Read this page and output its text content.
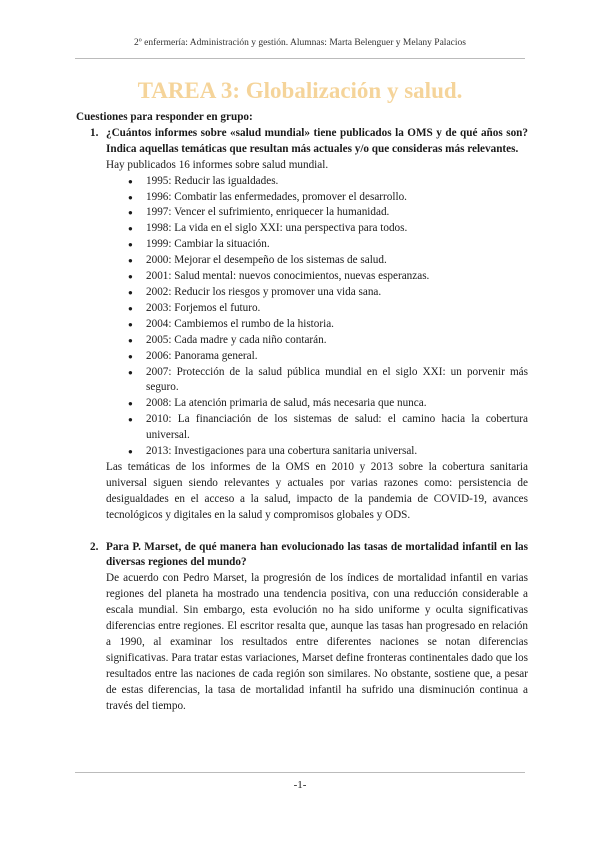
2º enfermería: Administración y gestión. Alumnas: Marta Belenguer y Melany Palacios
TAREA 3: Globalización y salud.

Cuestiones para responder en grupo:

1. ¿Cuántos informes sobre «salud mundial» tiene publicados la OMS y de qué años son? Indica aquellas temáticas que resultan más actuales y/o que consideras más relevantes.
Hay publicados 16 informes sobre salud mundial.
●	1995: Reducir las igualdades.
●	1996: Combatir las enfermedades, promover el desarrollo.
●	1997: Vencer el sufrimiento, enriquecer la humanidad.
●	1998: La vida en el siglo XXI: una perspectiva para todos.
●	1999: Cambiar la situación.
●	2000: Mejorar el desempeño de los sistemas de salud.
●	2001: Salud mental: nuevos conocimientos, nuevas esperanzas.
●	2002: Reducir los riesgos y promover una vida sana.
●	2003: Forjemos el futuro.
●	2004: Cambiemos el rumbo de la historia.
●	2005: Cada madre y cada niño contarán.
●	2006: Panorama general.
●	2007: Protección de la salud pública mundial en el siglo XXI: un porvenir más seguro.
●	2008: La atención primaria de salud, más necesaria que nunca.
●	2010: La financiación de los sistemas de salud: el camino hacia la cobertura universal.
●	2013: Investigaciones para una cobertura sanitaria universal.
Las temáticas de los informes de la OMS en 2010 y 2013 sobre la cobertura sanitaria universal siguen siendo relevantes y actuales por varias razones como: persistencia de desigualdades en el acceso a la salud, impacto de la pandemia de COVID-19, avances tecnológicos y digitales en la salud y compromisos globales y ODS.
2. Para P. Marset, de qué manera han evolucionado las tasas de mortalidad infantil en las diversas regiones del mundo?
De acuerdo con Pedro Marset, la progresión de los índices de mortalidad infantil en varias regiones del planeta ha mostrado una tendencia positiva, con una reducción considerable a escala mundial. Sin embargo, esta evolución no ha sido uniforme y oculta significativas diferencias entre regiones. El escritor resalta que, aunque las tasas han progresado en relación a 1990, al examinar los resultados entre diferentes naciones se notan diferencias significativas. Para tratar estas variaciones, Marset define fronteras continentales dado que los resultados entre las naciones de cada región son similares. No obstante, sostiene que, a pesar de estas diferencias, la tasa de mortalidad infantil ha sufrido una disminución continua a través del tiempo.
-1-
